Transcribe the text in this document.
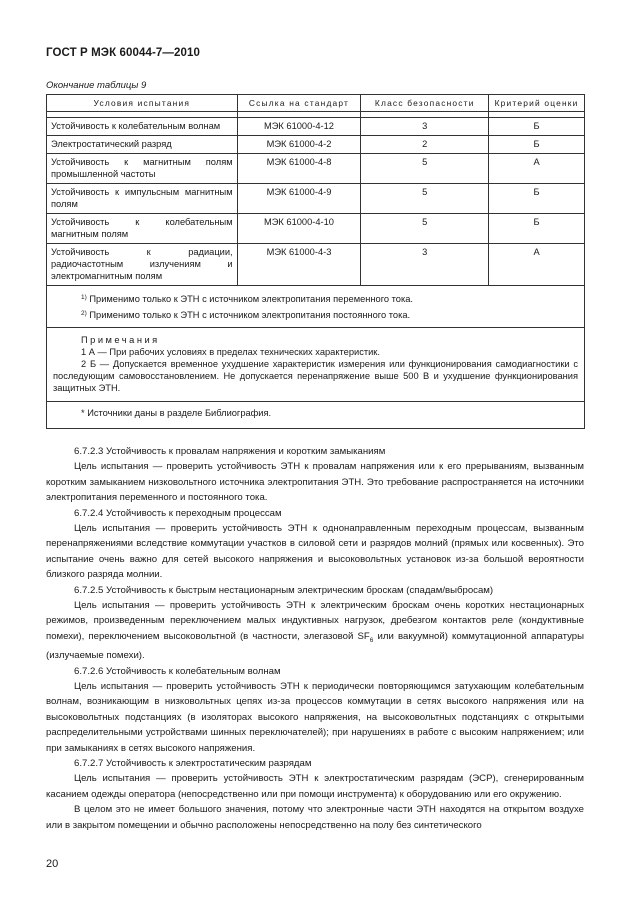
ГОСТ Р МЭК 60044-7—2010
Окончание таблицы 9
Условия испытания	Ссылка на стандарт	Класс безопасности	Критерий оценки

Устойчивость к колебательным волнам	МЭК 61000-4-12	3	Б
Электростатический разряд	МЭК 61000-4-2	2	Б
Устойчивость к магнитным полям промышленной частоты	МЭК 61000-4-8	5	А
Устойчивость к импульсным магнитным полям	МЭК 61000-4-9	5	Б
Устойчивость к колебательным магнитным полям	МЭК 61000-4-10	5	Б
Устойчивость к радиации, радиочастотным излучениям и электромагнитным полям	МЭК 61000-4-3	3	А

$^{1)}$ Применимо только к ЭТН с источником электропитания переменного тока.
$^{2)}$ Применимо только к ЭТН с источником электропитания постоянного тока.			

Примечания
1 А — При рабочих условиях в пределах технических характеристик.
2 Б — Допускается временное ухудшение характеристик измерения или функционирования самодиагностики с последующим самовосстановлением. Не допускается перенапряжение выше 500 В и ухудшение функционирования защитных ЭТН.			

* Источники даны в разделе Библиография.			

6.7.2.3 Устойчивость к провалам напряжения и коротким замыканиям

Цель испытания — проверить устойчивость ЭТН к провалам напряжения или к его прерываниям, вызванным коротким замыканием низковольтного источника электропитания ЭТН. Это требование распространяется на источники электропитания переменного и постоянного тока.

6.7.2.4 Устойчивость к переходным процессам

Цель испытания — проверить устойчивость ЭТН к однонаправленным переходным процессам, вызванным перенапряжениями вследствие коммутации участков в силовой сети и разрядов молний (прямых или косвенных). Это испытание очень важно для сетей высокого напряжения и высоковольтных установок из-за большой вероятности близкого разряда молнии.

6.7.2.5 Устойчивость к быстрым нестационарным электрическим броскам (спадам/выбросам)

Цель испытания — проверить устойчивость ЭТН к электрическим броскам очень коротких нестационарных режимов, произведенным переключением малых индуктивных нагрузок, дребезгом контактов реле (кондуктивные помехи), переключением высоковольтной (в частности, элегазовой $SF_6$ или вакуумной) коммутационной аппаратуры (излучаемые помехи).

6.7.2.6 Устойчивость к колебательным волнам

Цель испытания — проверить устойчивость ЭТН к периодически повторяющимся затухающим колебательным волнам, возникающим в низковольтных цепях из-за процессов коммутации в сетях высокого напряжения или на высоковольтных подстанциях (в изоляторах высокого напряжения, на высоковольтных подстанциях с открытыми распределительными устройствами шинных переключателей); при нарушениях в работе с высоким напряжением; или при замыканиях в сетях высокого напряжения.

6.7.2.7 Устойчивость к электростатическим разрядам

Цель испытания — проверить устойчивость ЭТН к электростатическим разрядам (ЭСР), сгенерированным касанием одежды оператора (непосредственно или при помощи инструмента) к оборудованию или его окружению.

В целом это не имеет большого значения, потому что электронные части ЭТН находятся на открытом воздухе или в закрытом помещении и обычно расположены непосредственно на полу без синтетического

20
